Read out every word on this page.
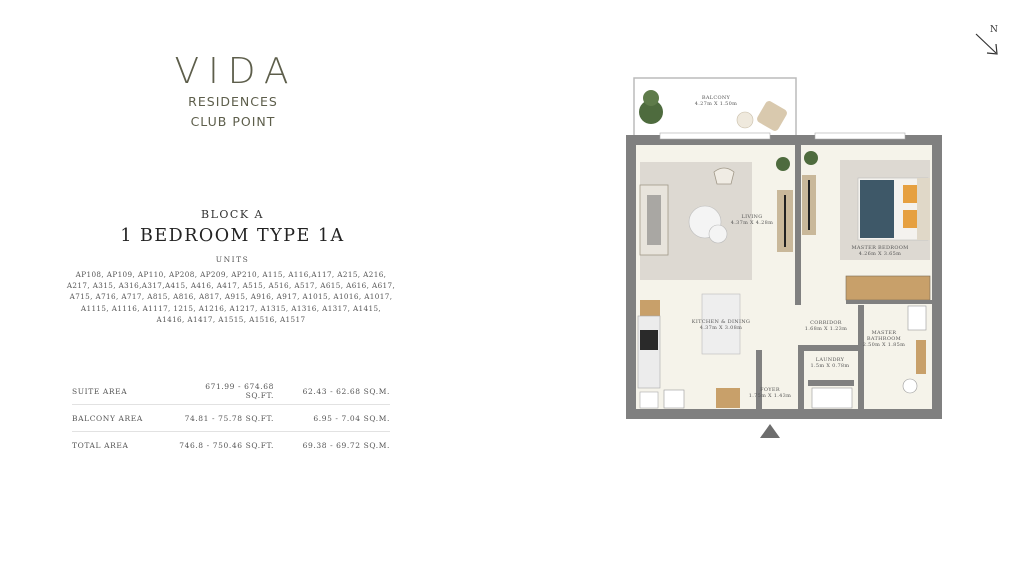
VIDA
RESIDENCES
CLUB POINT
BLOCK A
1 BEDROOM TYPE 1A
UNITS
AP108, AP109, AP110, AP208, AP209, AP210, A115, A116,A117, A215, A216, A217, A315, A316,A317,A415, A416, A417, A515, A516, A517, A615, A616, A617, A715, A716, A717, A815, A816, A817, A915, A916, A917, A1015, A1016, A1017, A1115, A1116, A1117, 1215, A1216, A1217, A1315, A1316, A1317, A1415, A1416, A1417, A1515, A1516, A1517
SUITE AREA	671.99 - 674.68 SQ.FT.	62.43 - 62.68 SQ.M.
BALCONY AREA	74.81 - 75.78 SQ.FT.	6.95 - 7.04 SQ.M.
TOTAL AREA	746.8 - 750.46 SQ.FT.	69.38 - 69.72 SQ.M.
N
BALCONY
4.27m X 1.50m
LIVING
4.37m X 4.28m
MASTER BEDROOM
4.26m X 3.65m
KITCHEN & DINING
4.37m X 3.08m
CORRIDOR
1.68m X 1.23m
MASTER
BATHROOM
2.50m X 1.85m
LAUNDRY
1.5m X 0.78m
FOYER
1.75m X 1.43m
